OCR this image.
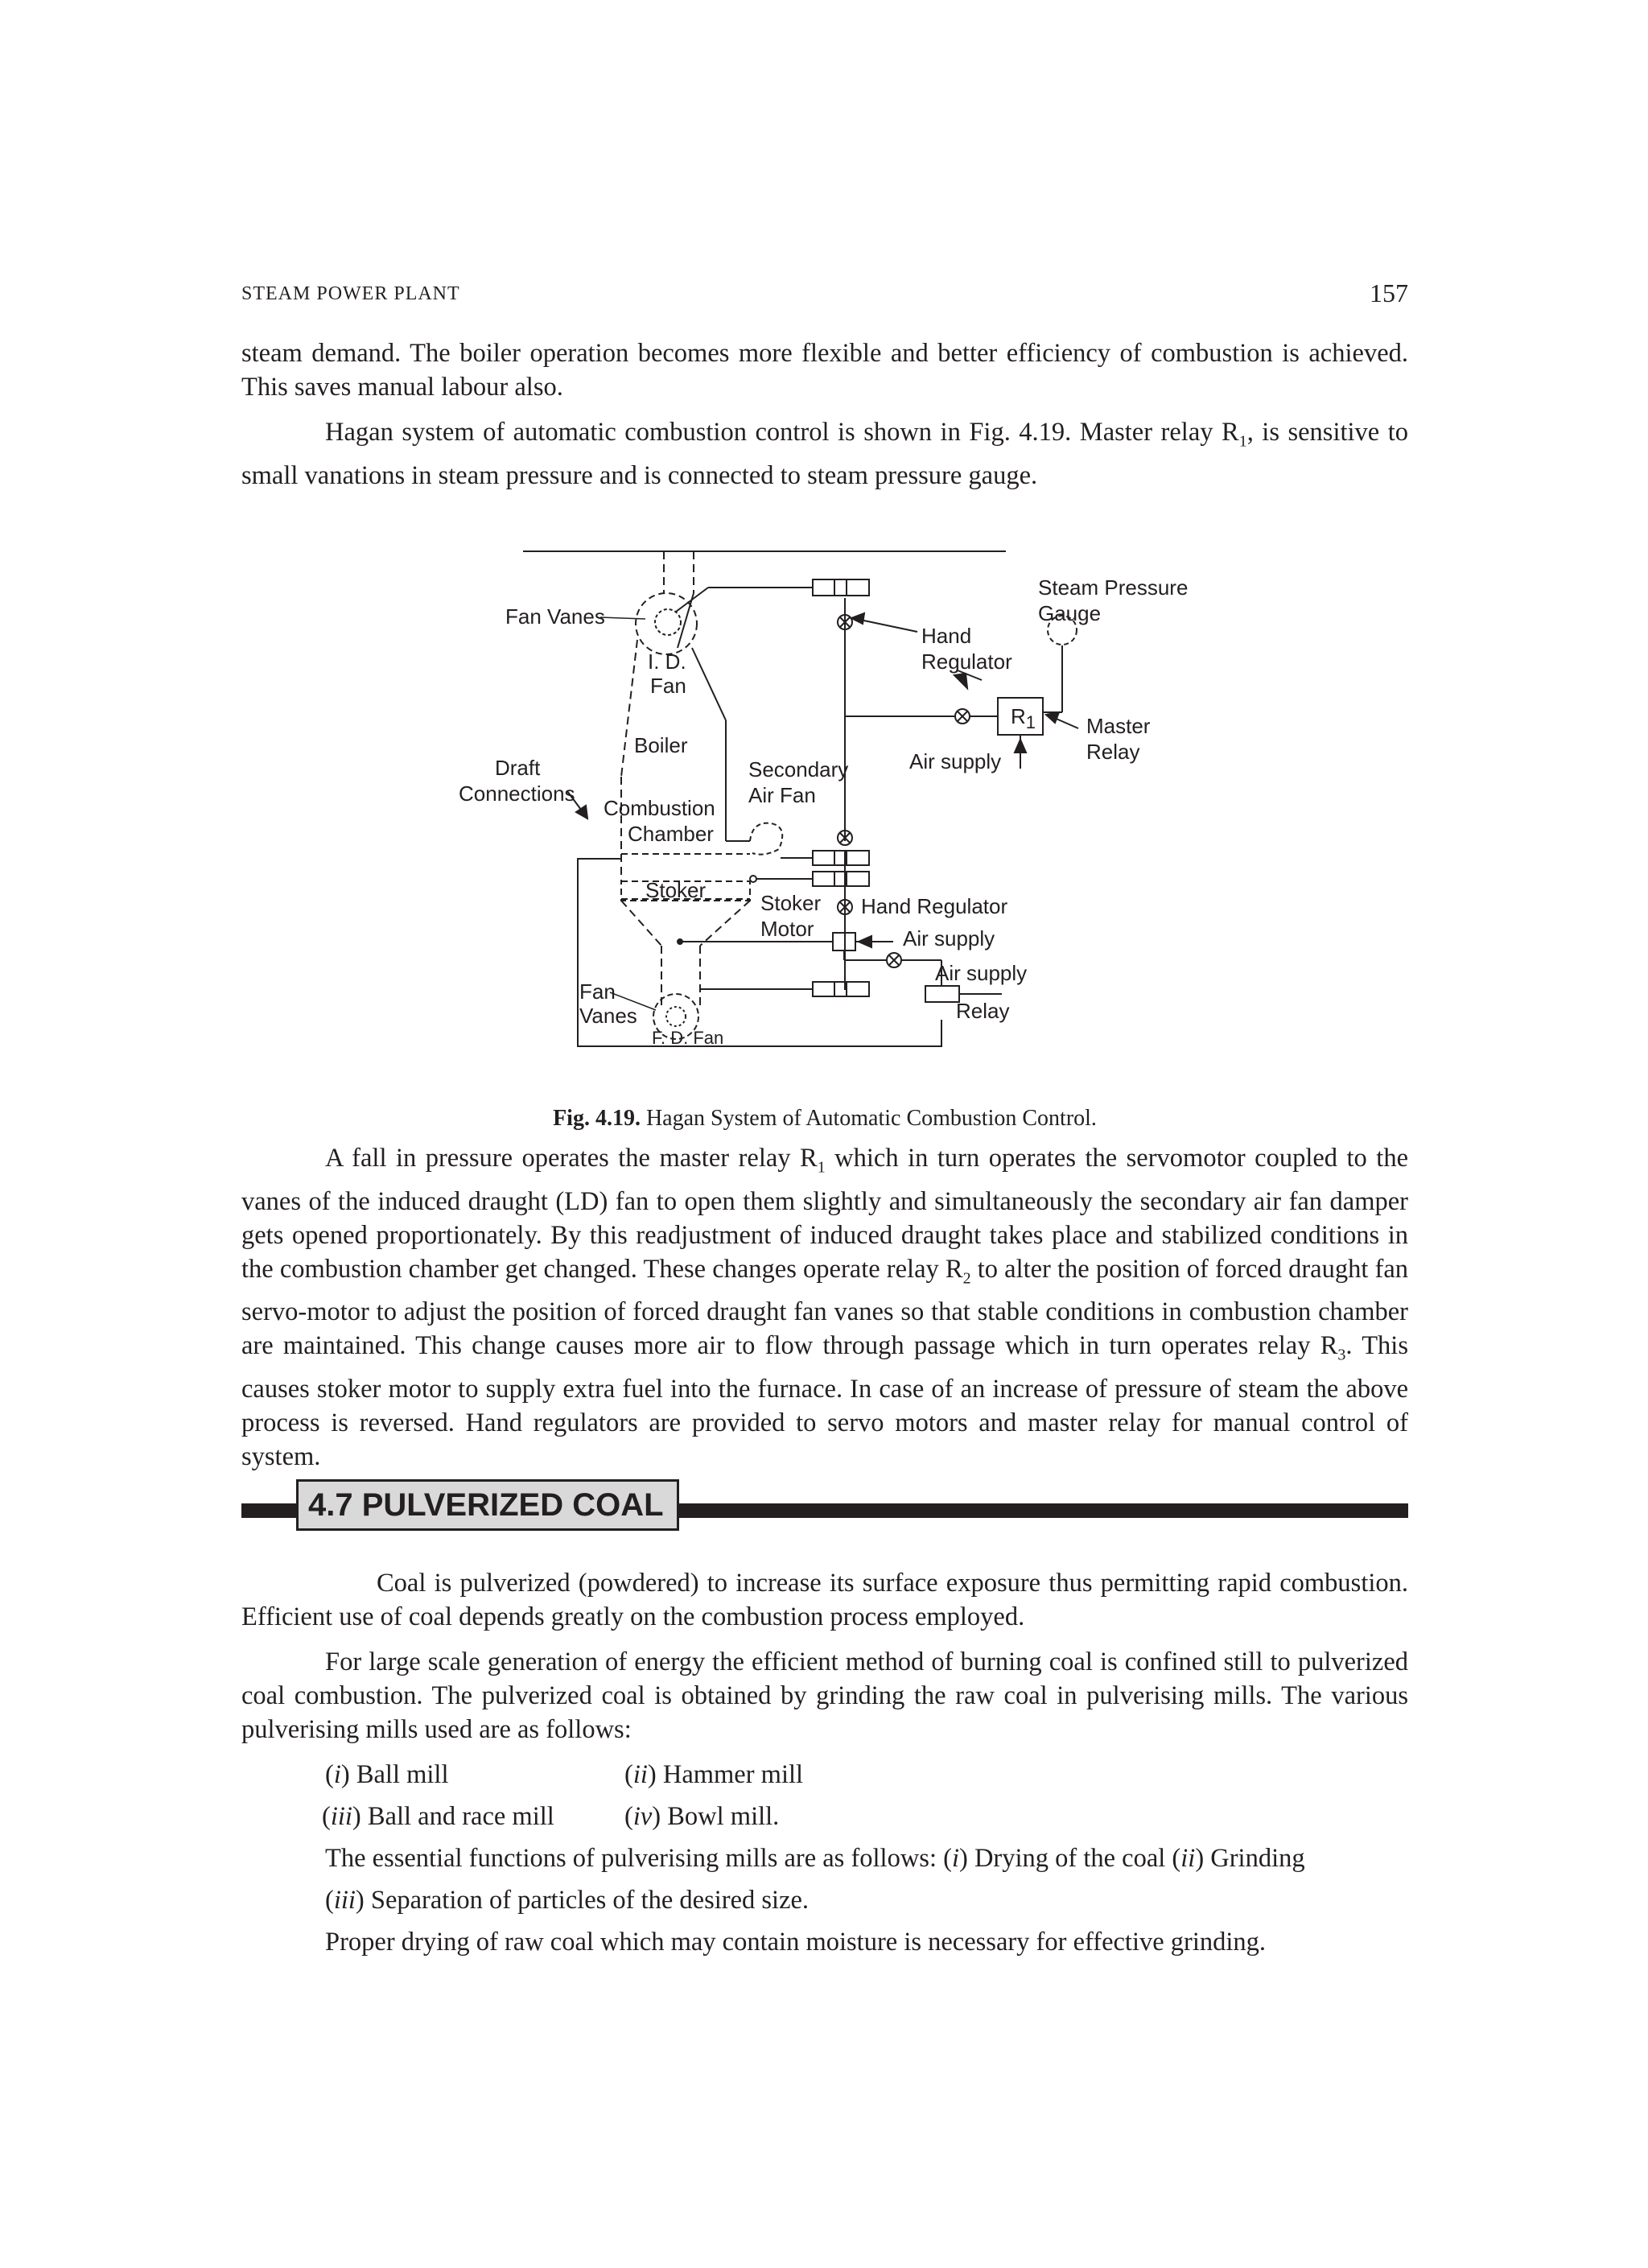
STEAM POWER PLANT	157

steam demand. The boiler operation becomes more flexible and better efficiency of combustion is achieved. This saves manual labour also.

Hagan system of automatic combustion control is shown in Fig. 4.19. Master relay $R_1$, is sensitive to small vanations in steam pressure and is connected to steam pressure gauge.

Fan Vanes
I. D.
Fan
Boiler
Draft
Connections
Combustion
Chamber
Stoker
Secondary
Air Fan
Stoker
Motor
Steam Pressure
Gauge
Hand
Regulator
$R_1$ Master
Relay
Air supply
Hand Regulator
Air supply
Air supply
Relay
Fan
Vanes
F. D. Fan
Fig. 4.19. Hagan System of Automatic Combustion Control.

A fall in pressure operates the master relay $R_1$ which in turn operates the servomotor coupled to the vanes of the induced draught (LD) fan to open them slightly and simultaneously the secondary air fan damper gets opened proportionately. By this readjustment of induced draught takes place and stabilized conditions in the combustion chamber get changed. These changes operate relay $R_2$ to alter the position of forced draught fan servo-motor to adjust the position of forced draught fan vanes so that stable conditions in combustion chamber are maintained. This change causes more air to flow through passage which in turn operates relay $R_3$. This causes stoker motor to supply extra fuel into the furnace. In case of an increase of pressure of steam the above process is reversed. Hand regulators are provided to servo motors and master relay for manual control of system.

4.7 PULVERIZED COAL

Coal is pulverized (powdered) to increase its surface exposure thus permitting rapid combustion. Efficient use of coal depends greatly on the combustion process employed.

For large scale generation of energy the efficient method of burning coal is confined still to pulverized coal combustion. The pulverized coal is obtained by grinding the raw coal in pulverising mills. The various pulverising mills used are as follows:

(i) Ball mill	(ii) Hammer mill
(iii) Ball and race mill	(iv) Bowl mill.

The essential functions of pulverising mills are as follows: (i) Drying of the coal (ii) Grinding

(iii) Separation of particles of the desired size.

Proper drying of raw coal which may contain moisture is necessary for effective grinding.
